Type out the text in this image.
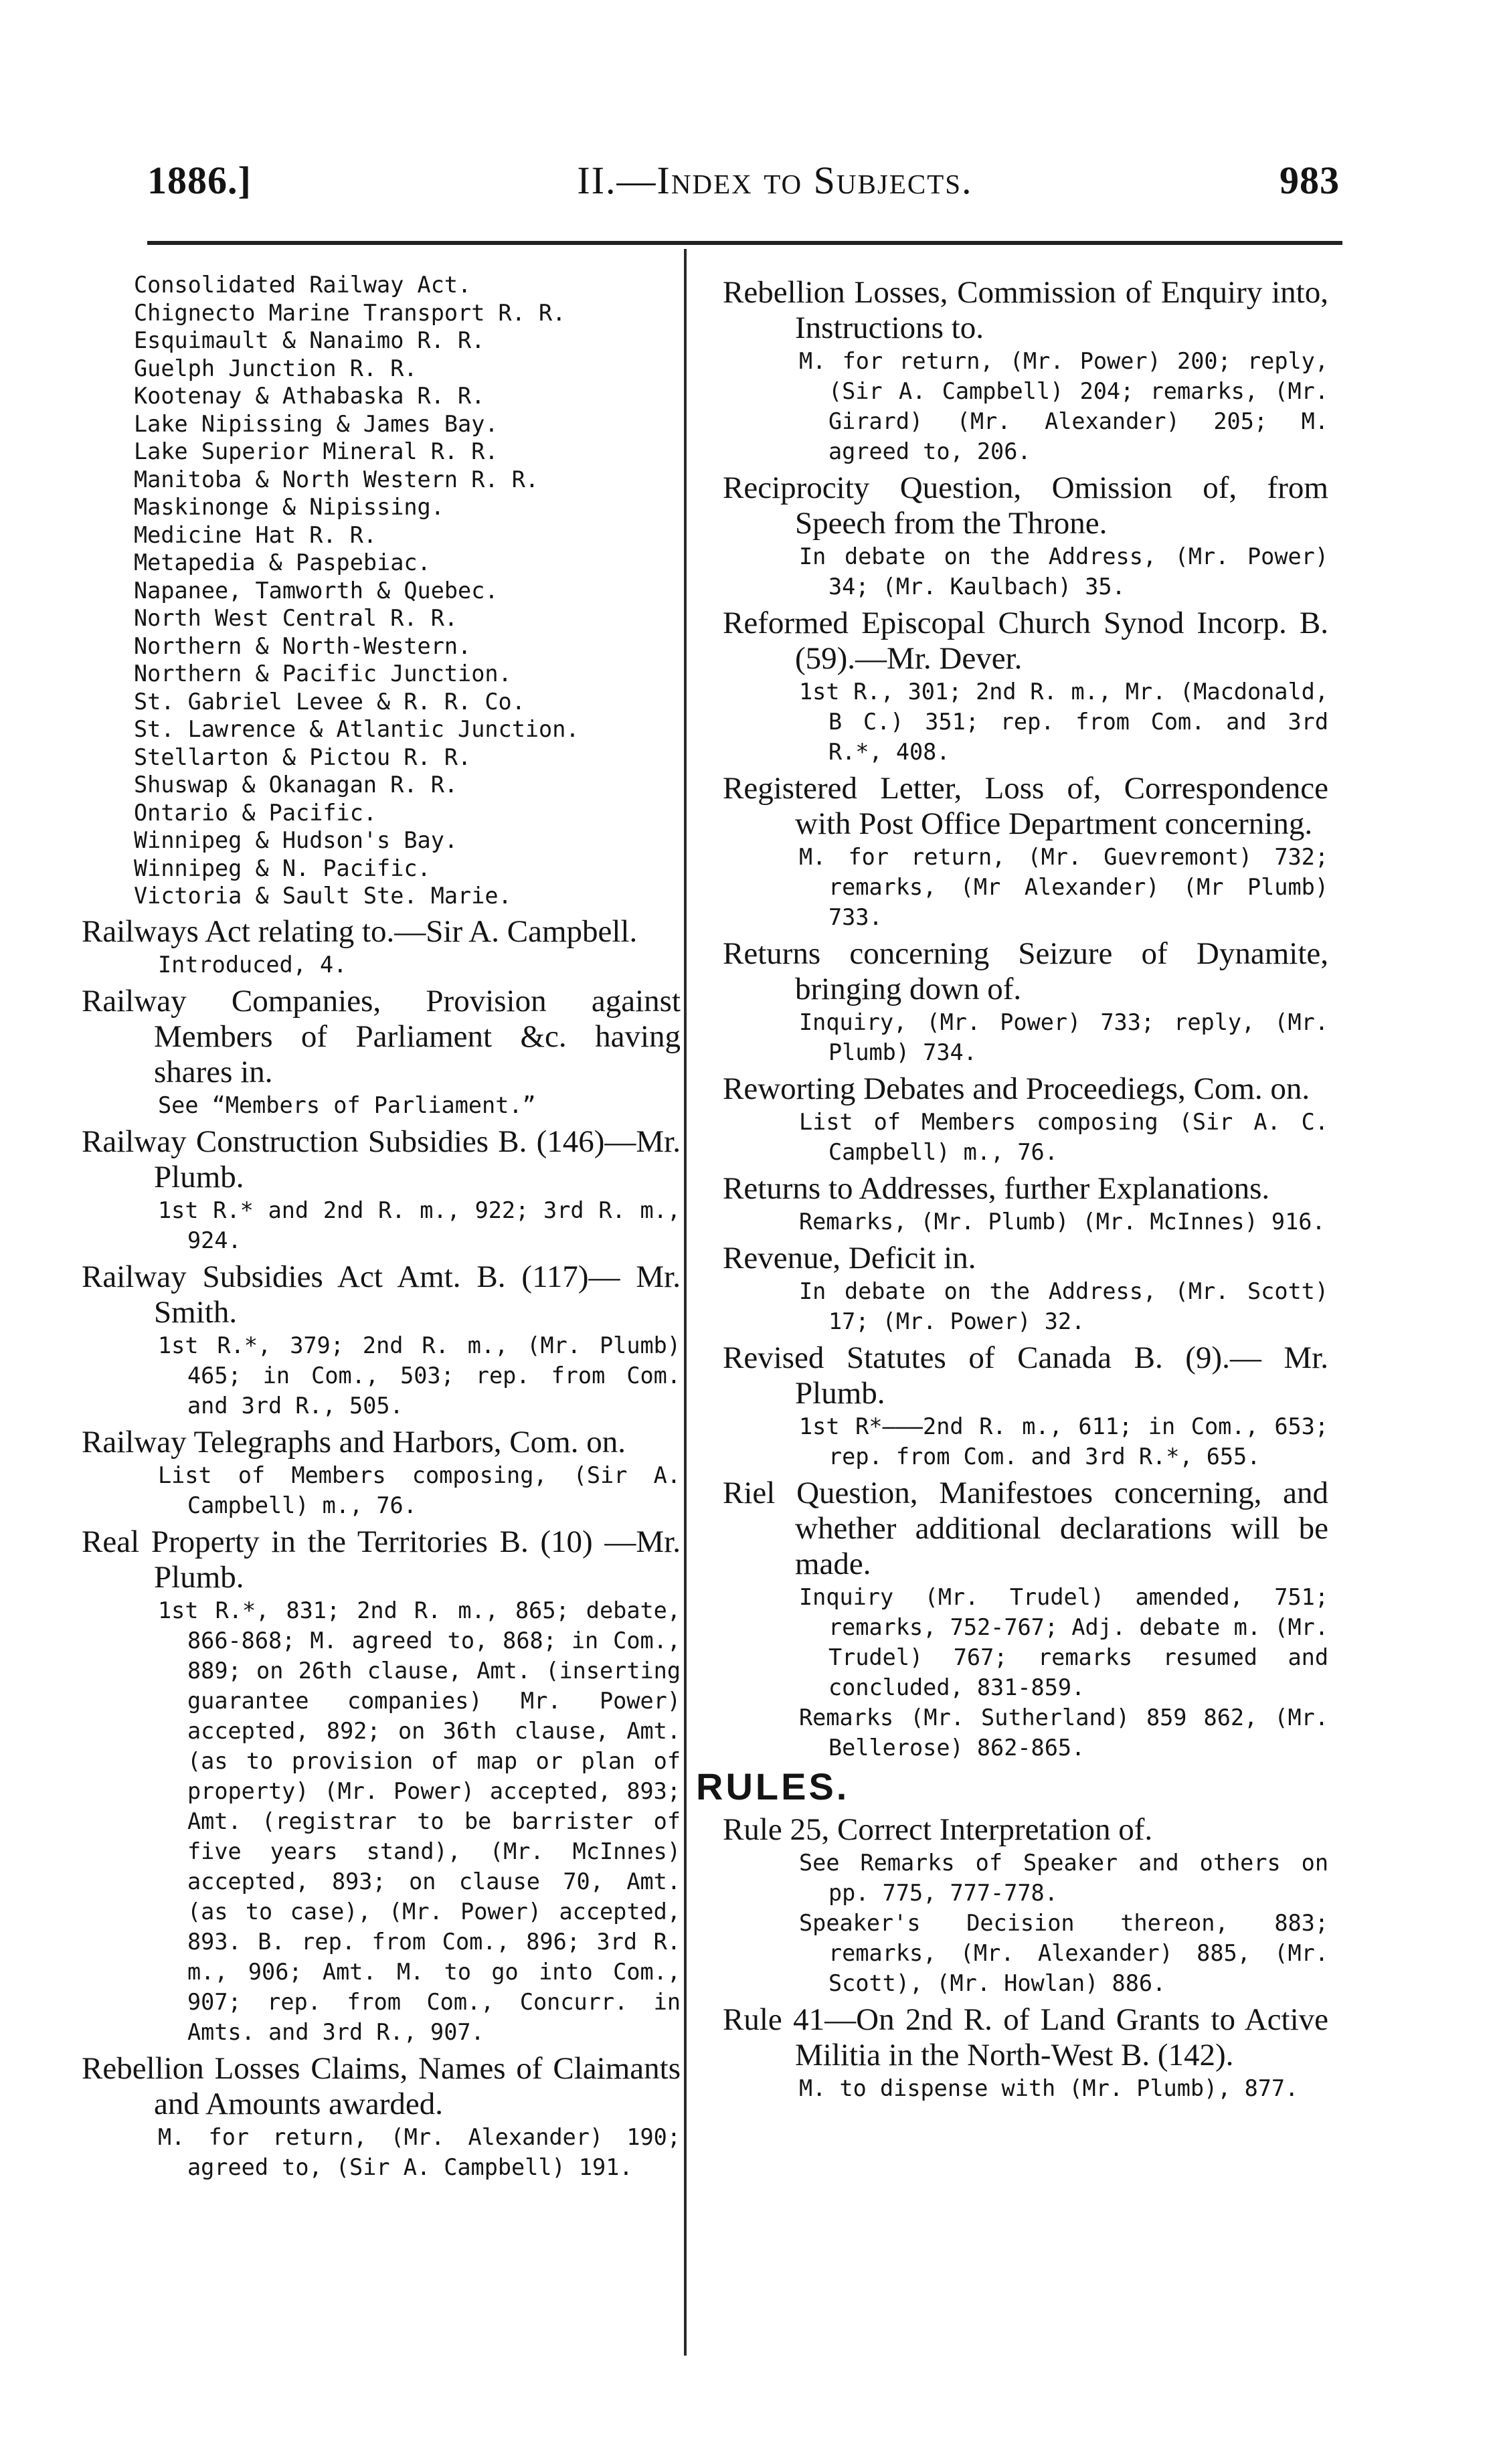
1886.]	II.—Index to Subjects.	983
Consolidated Railway Act.
Chignecto Marine Transport R. R.
Esquimault & Nanaimo R. R.
Guelph Junction R. R.
Kootenay & Athabaska R. R.
Lake Nipissing & James Bay.
Lake Superior Mineral R. R.
Manitoba & North Western R. R.
Maskinonge & Nipissing.
Medicine Hat R. R.
Metapedia & Paspebiac.
Napanee, Tamworth & Quebec.
North West Central R. R.
Northern & North-Western.
Northern & Pacific Junction.
St. Gabriel Levee & R. R. Co.
St. Lawrence & Atlantic Junction.
Stellarton & Pictou R. R.
Shuswap & Okanagan R. R.
Ontario & Pacific.
Winnipeg & Hudson's Bay.
Winnipeg & N. Pacific.
Victoria & Sault Ste. Marie.
Railways Act relating to.—Sir A. Campbell.
Introduced, 4.
Railway Companies, Provision against Members of Parliament &c. having shares in.
See “Members of Parliament.”
Railway Construction Subsidies B. (146)—Mr. Plumb.
1st R.* and 2nd R. m., 922; 3rd R. m., 924.
Railway Subsidies Act Amt. B. (117)— Mr. Smith.
1st R.*, 379; 2nd R. m., (Mr. Plumb) 465; in Com., 503; rep. from Com. and 3rd R., 505.
Railway Telegraphs and Harbors, Com. on.
List of Members composing, (Sir A. Campbell) m., 76.
Real Property in the Territories B. (10) —Mr. Plumb.
1st R.*, 831; 2nd R. m., 865; debate, 866-868; M. agreed to, 868; in Com., 889; on 26th clause, Amt. (inserting guarantee companies) Mr. Power) accepted, 892; on 36th clause, Amt. (as to provision of map or plan of property) (Mr. Power) accepted, 893; Amt. (registrar to be barrister of five years stand), (Mr. McInnes) accepted, 893; on clause 70, Amt. (as to case), (Mr. Power) accepted, 893. B. rep. from Com., 896; 3rd R. m., 906; Amt. M. to go into Com., 907; rep. from Com., Concurr. in Amts. and 3rd R., 907.
Rebellion Losses Claims, Names of Claimants and Amounts awarded.
M. for return, (Mr. Alexander) 190; agreed to, (Sir A. Campbell) 191.
Rebellion Losses, Commission of Enquiry into, Instructions to.
M. for return, (Mr. Power) 200; reply, (Sir A. Campbell) 204; remarks, (Mr. Girard) (Mr. Alexander) 205; M. agreed to, 206.
Reciprocity Question, Omission of, from Speech from the Throne.
In debate on the Address, (Mr. Power) 34; (Mr. Kaulbach) 35.
Reformed Episcopal Church Synod Incorp. B. (59).—Mr. Dever.
1st R., 301; 2nd R. m., Mr. (Macdonald, B C.) 351; rep. from Com. and 3rd R.*, 408.
Registered Letter, Loss of, Correspondence with Post Office Department concerning.
M. for return, (Mr. Guevremont) 732; remarks, (Mr Alexander) (Mr Plumb) 733.
Returns concerning Seizure of Dynamite, bringing down of.
Inquiry, (Mr. Power) 733; reply, (Mr. Plumb) 734.
Reworting Debates and Proceediegs, Com. on.
List of Members composing (Sir A. C. Campbell) m., 76.
Returns to Addresses, further Explanations.
Remarks, (Mr. Plumb) (Mr. McInnes) 916.
Revenue, Deficit in.
In debate on the Address, (Mr. Scott) 17; (Mr. Power) 32.
Revised Statutes of Canada B. (9).— Mr. Plumb.
1st R*———2nd R. m., 611; in Com., 653; rep. from Com. and 3rd R.*, 655.
Riel Question, Manifestoes concerning, and whether additional declarations will be made.
Inquiry (Mr. Trudel) amended, 751; remarks, 752-767; Adj. debate m. (Mr. Trudel) 767; remarks resumed and concluded, 831-859.
Remarks (Mr. Sutherland) 859 862, (Mr. Bellerose) 862-865.
RULES.
Rule 25, Correct Interpretation of.
See Remarks of Speaker and others on pp. 775, 777-778.
Speaker's Decision thereon, 883; remarks, (Mr. Alexander) 885, (Mr. Scott), (Mr. Howlan) 886.
Rule 41—On 2nd R. of Land Grants to Active Militia in the North-West B. (142).
M. to dispense with (Mr. Plumb), 877.
